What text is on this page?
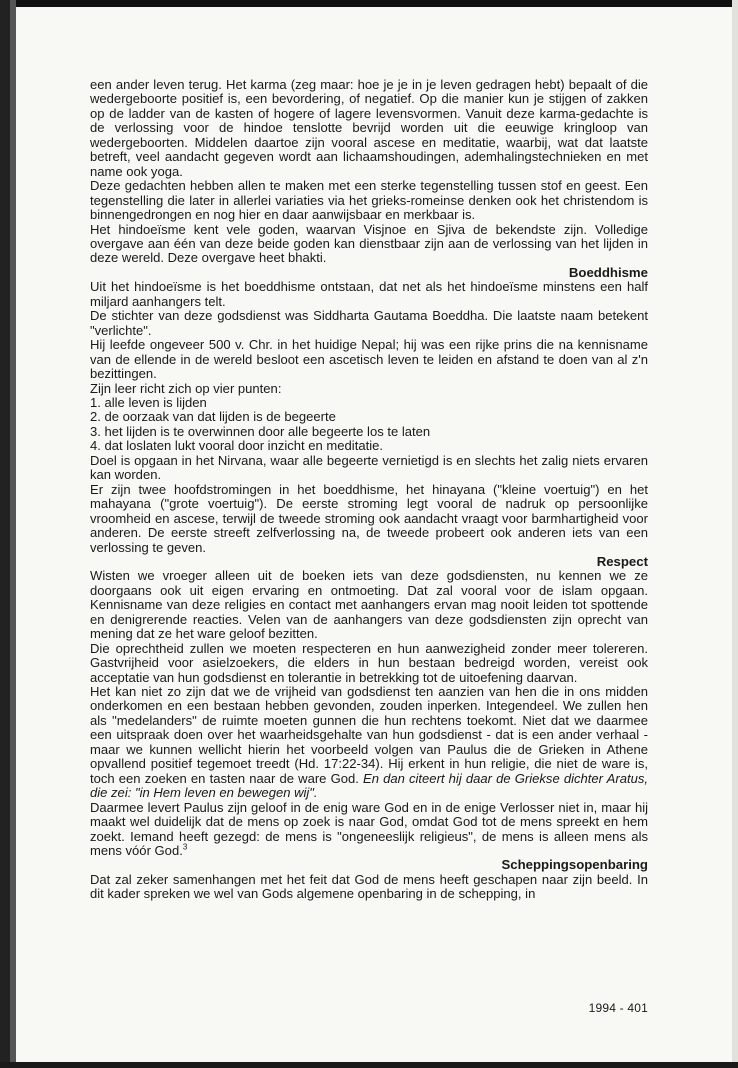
een ander leven terug. Het karma (zeg maar: hoe je je in je leven gedragen hebt) bepaalt of die wedergeboorte positief is, een bevordering, of negatief. Op die manier kun je stijgen of zakken op de ladder van de kasten of hogere of lagere levensvormen. Vanuit deze karma-gedachte is de verlossing voor de hindoe tenslotte bevrijd worden uit die eeuwige kringloop van wedergeboorten. Middelen daartoe zijn vooral ascese en meditatie, waarbij, wat dat laatste betreft, veel aandacht gegeven wordt aan lichaamshoudingen, ademhalingstechnieken en met name ook yoga.

Deze gedachten hebben allen te maken met een sterke tegenstelling tussen stof en geest. Een tegenstelling die later in allerlei variaties via het grieks-romeinse denken ook het christendom is binnengedrongen en nog hier en daar aanwijsbaar en merkbaar is.

Het hindoeïsme kent vele goden, waarvan Visjnoe en Sjiva de bekendste zijn. Volledige overgave aan één van deze beide goden kan dienstbaar zijn aan de verlossing van het lijden in deze wereld. Deze overgave heet bhakti.

Boeddhisme

Uit het hindoeïsme is het boeddhisme ontstaan, dat net als het hindoeïsme minstens een half miljard aanhangers telt.

De stichter van deze godsdienst was Siddharta Gautama Boeddha. Die laatste naam betekent "verlichte".

Hij leefde ongeveer 500 v. Chr. in het huidige Nepal; hij was een rijke prins die na kennisname van de ellende in de wereld besloot een ascetisch leven te leiden en afstand te doen van al z'n bezittingen.

Zijn leer richt zich op vier punten:

1. alle leven is lijden

2. de oorzaak van dat lijden is de begeerte

3. het lijden is te overwinnen door alle begeerte los te laten

4. dat loslaten lukt vooral door inzicht en meditatie.

Doel is opgaan in het Nirvana, waar alle begeerte vernietigd is en slechts het zalig niets ervaren kan worden.

Er zijn twee hoofdstromingen in het boeddhisme, het hinayana ("kleine voertuig") en het mahayana ("grote voertuig"). De eerste stroming legt vooral de nadruk op persoonlijke vroomheid en ascese, terwijl de tweede stroming ook aandacht vraagt voor barmhartigheid voor anderen. De eerste streeft zelfverlossing na, de tweede probeert ook anderen iets van een verlossing te geven.

Respect

Wisten we vroeger alleen uit de boeken iets van deze godsdiensten, nu kennen we ze doorgaans ook uit eigen ervaring en ontmoeting. Dat zal vooral voor de islam opgaan. Kennisname van deze religies en contact met aanhangers ervan mag nooit leiden tot spottende en denigrerende reacties. Velen van de aanhangers van deze godsdiensten zijn oprecht van mening dat ze het ware geloof bezitten.

Die oprechtheid zullen we moeten respecteren en hun aanwezigheid zonder meer tolereren. Gastvrijheid voor asielzoekers, die elders in hun bestaan bedreigd worden, vereist ook acceptatie van hun godsdienst en tolerantie in betrekking tot de uitoefening daarvan.

Het kan niet zo zijn dat we de vrijheid van godsdienst ten aanzien van hen die in ons midden onderkomen en een bestaan hebben gevonden, zouden inperken. Integendeel. We zullen hen als "medelanders" de ruimte moeten gunnen die hun rechtens toekomt. Niet dat we daarmee een uitspraak doen over het waarheidsgehalte van hun godsdienst - dat is een ander verhaal - maar we kunnen wellicht hierin het voorbeeld volgen van Paulus die de Grieken in Athene opvallend positief tegemoet treedt (Hd. 17:22-34). Hij erkent in hun religie, die niet de ware is, toch een zoeken en tasten naar de ware God. En dan citeert hij daar de Griekse dichter Aratus, die zei: "in Hem leven en bewegen wij".

Daarmee levert Paulus zijn geloof in de enig ware God en in de enige Verlosser niet in, maar hij maakt wel duidelijk dat de mens op zoek is naar God, omdat God tot de mens spreekt en hem zoekt. Iemand heeft gezegd: de mens is "ongeneeslijk religieus", de mens is alleen mens als mens vóór God.$^3$

Scheppingsopenbaring

Dat zal zeker samenhangen met het feit dat God de mens heeft geschapen naar zijn beeld. In dit kader spreken we wel van Gods algemene openbaring in de schepping, in

1994 - 401
